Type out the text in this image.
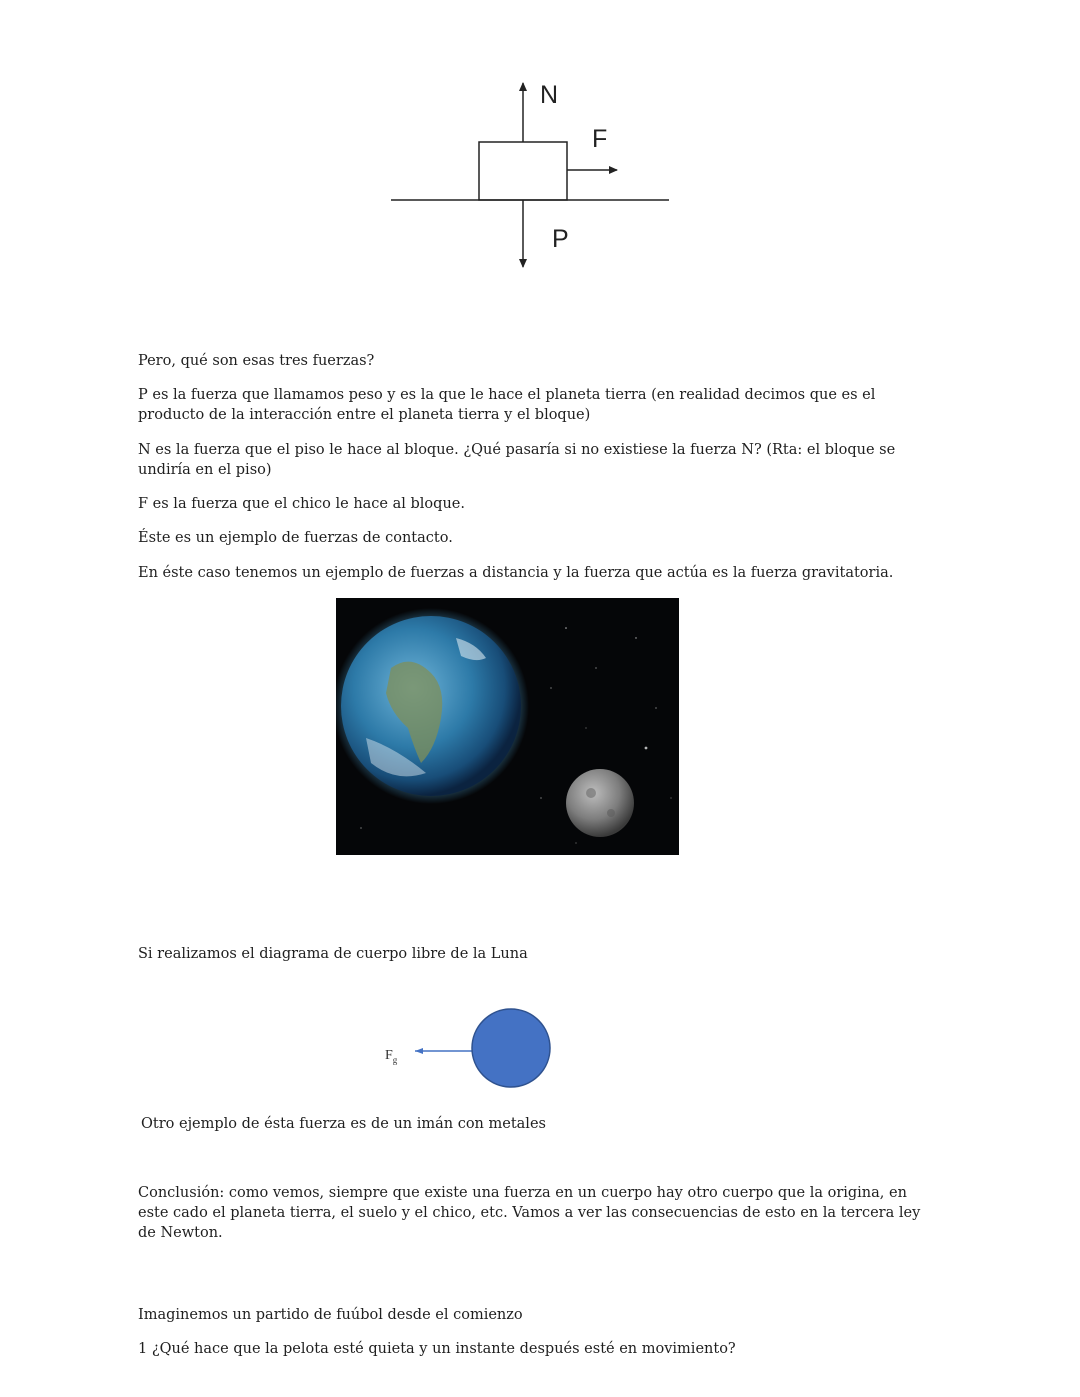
N
F
P

Pero, qué son esas tres fuerzas?

P es la fuerza que llamamos peso y es la que le hace el planeta tierra (en realidad decimos que es el producto de la interacción entre el planeta tierra y el bloque)

N es la fuerza que el piso le hace al bloque. ¿Qué pasaría si no existiese la fuerza N? (Rta: el bloque se undiría en el piso)

F es la fuerza que el chico le hace al bloque.

Éste es un ejemplo de fuerzas de contacto.

En éste caso tenemos un ejemplo de fuerzas a distancia y la fuerza que actúa es la fuerza gravitatoria.

Si realizamos el diagrama de cuerpo libre de la Luna

$F_g$

Otro ejemplo de ésta fuerza es de un imán con metales

Conclusión: como vemos, siempre que existe una fuerza en un cuerpo hay otro cuerpo que la origina, en este cado el planeta tierra, el suelo y el chico, etc. Vamos a ver las consecuencias de esto en la tercera ley de Newton.

Imaginemos un partido de fuúbol desde el comienzo

1 ¿Qué hace que la pelota esté quieta y un instante después esté en movimiento?
